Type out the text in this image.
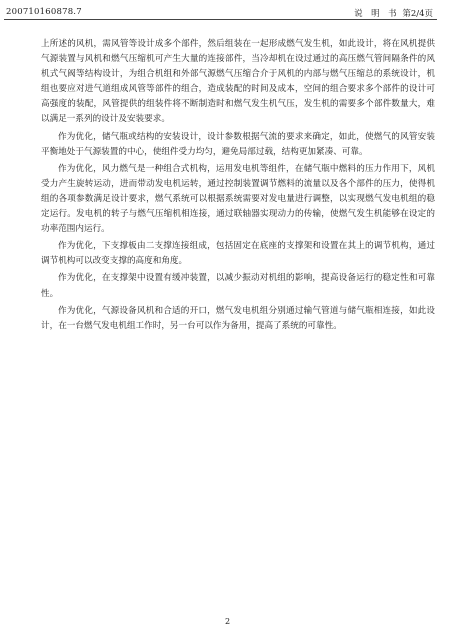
200710160878.7	说　明　书 第2/4页

上所述的风机，需风管等设计成多个部件，然后组装在一起形成燃气发生机，如此设计，将在风机提供气源装置与风机和燃气压缩机可产生大量的连接部件，当冷却机在设过通过的高压燃气管间隔条件的风机式气阀等结构设计，为组合机组和外部气源燃气压缩合介于风机的内部与燃气压缩总的系统设计，机组也要应对进气道组成风管等部件的组合，造成装配的时间及成本，空间的组合要求多个部件的设计可高强度的装配，风管提供的组装件将不断制造时和燃气发生机气压，发生机的需要多个部件数量大，难以满足一系列的设计及安装要求。

作为优化，储气瓶或结构的安装设计，设计参数根据气流的要求来确定，如此，使燃气的风管安装平衡地处于气源装置的中心，使组件受力均匀，避免局部过载，结构更加紧凑、可靠。

作为优化，风力燃气是一种组合式机构，运用发电机等组件，在储气瓶中燃料的压力作用下，风机受力产生旋转运动，进而带动发电机运转，通过控制装置调节燃料的流量以及各个部件的压力，使得机组的各项参数满足设计要求，燃气系统可以根据系统需要对发电量进行调整，以实现燃气发电机组的稳定运行。发电机的转子与燃气压缩机相连接，通过联轴器实现动力的传输，使燃气发生机能够在设定的功率范围内运行。

作为优化，下支撑板由二支撑连接组成，包括固定在底座的支撑架和设置在其上的调节机构，通过调节机构可以改变支撑的高度和角度。

作为优化，在支撑架中设置有缓冲装置，以减少振动对机组的影响，提高设备运行的稳定性和可靠性。

作为优化，气源设备风机和合适的开口，燃气发电机组分别通过输气管道与储气瓶相连接，如此设计，在一台燃气发电机组工作时，另一台可以作为备用，提高了系统的可靠性。

2
